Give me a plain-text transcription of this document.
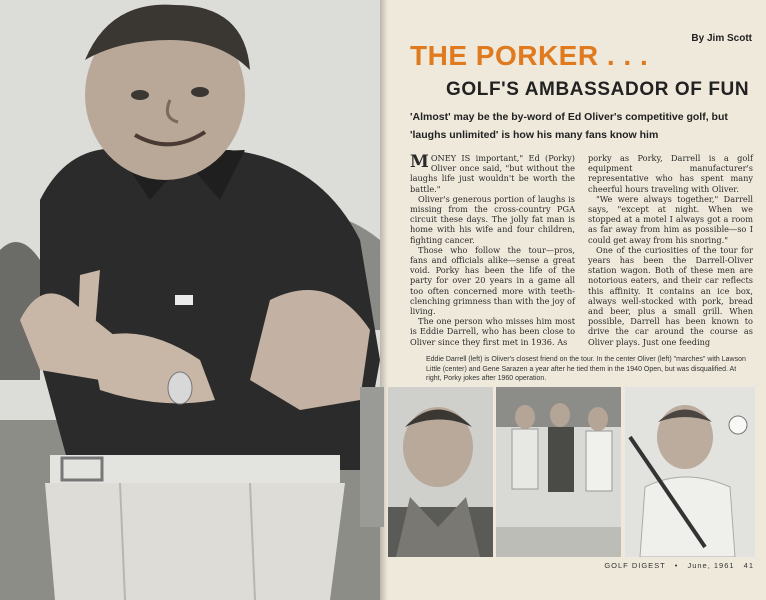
By Jim Scott
THE PORKER . . .
GOLF'S AMBASSADOR OF FUN
'Almost' may be the by-word of Ed Oliver's competitive golf, but 'laughs unlimited' is how his many fans know him

M ONEY IS important," Ed (Porky) Oliver once said, "but without the laughs life just wouldn't be worth the battle."

Oliver's generous portion of laughs is missing from the cross-country PGA circuit these days. The jolly fat man is home with his wife and four children, fighting cancer.

Those who follow the tour—pros, fans and officials alike—sense a great void. Porky has been the life of the party for over 20 years in a game all too often concerned more with teeth-clenching grimness than with the joy of living.

The one person who misses him most is Eddie Darrell, who has been close to Oliver since they first met in 1936. As

porky as Porky, Darrell is a golf equipment manufacturer's representative who has spent many cheerful hours traveling with Oliver.

"We were always together," Darrell says, "except at night. When we stopped at a motel I always got a room as far away from him as possible—so I could get away from his snoring."

One of the curiosities of the tour for years has been the Darrell-Oliver station wagon. Both of these men are notorious eaters, and their car reflects this affinity. It contains an ice box, always well-stocked with pork, bread and beer, plus a small grill. When possible, Darrell has been known to drive the car around the course as Oliver plays. Just one feeding

Eddie Darrell (left) is Oliver's closest friend on the tour. In the center Oliver (left) "marches" with Lawson Little (center) and Gene Sarazen a year after he tied them in the 1940 Open, but was disqualified. At right, Porky jokes after 1960 operation.
GOLF DIGEST • June, 1961 41
